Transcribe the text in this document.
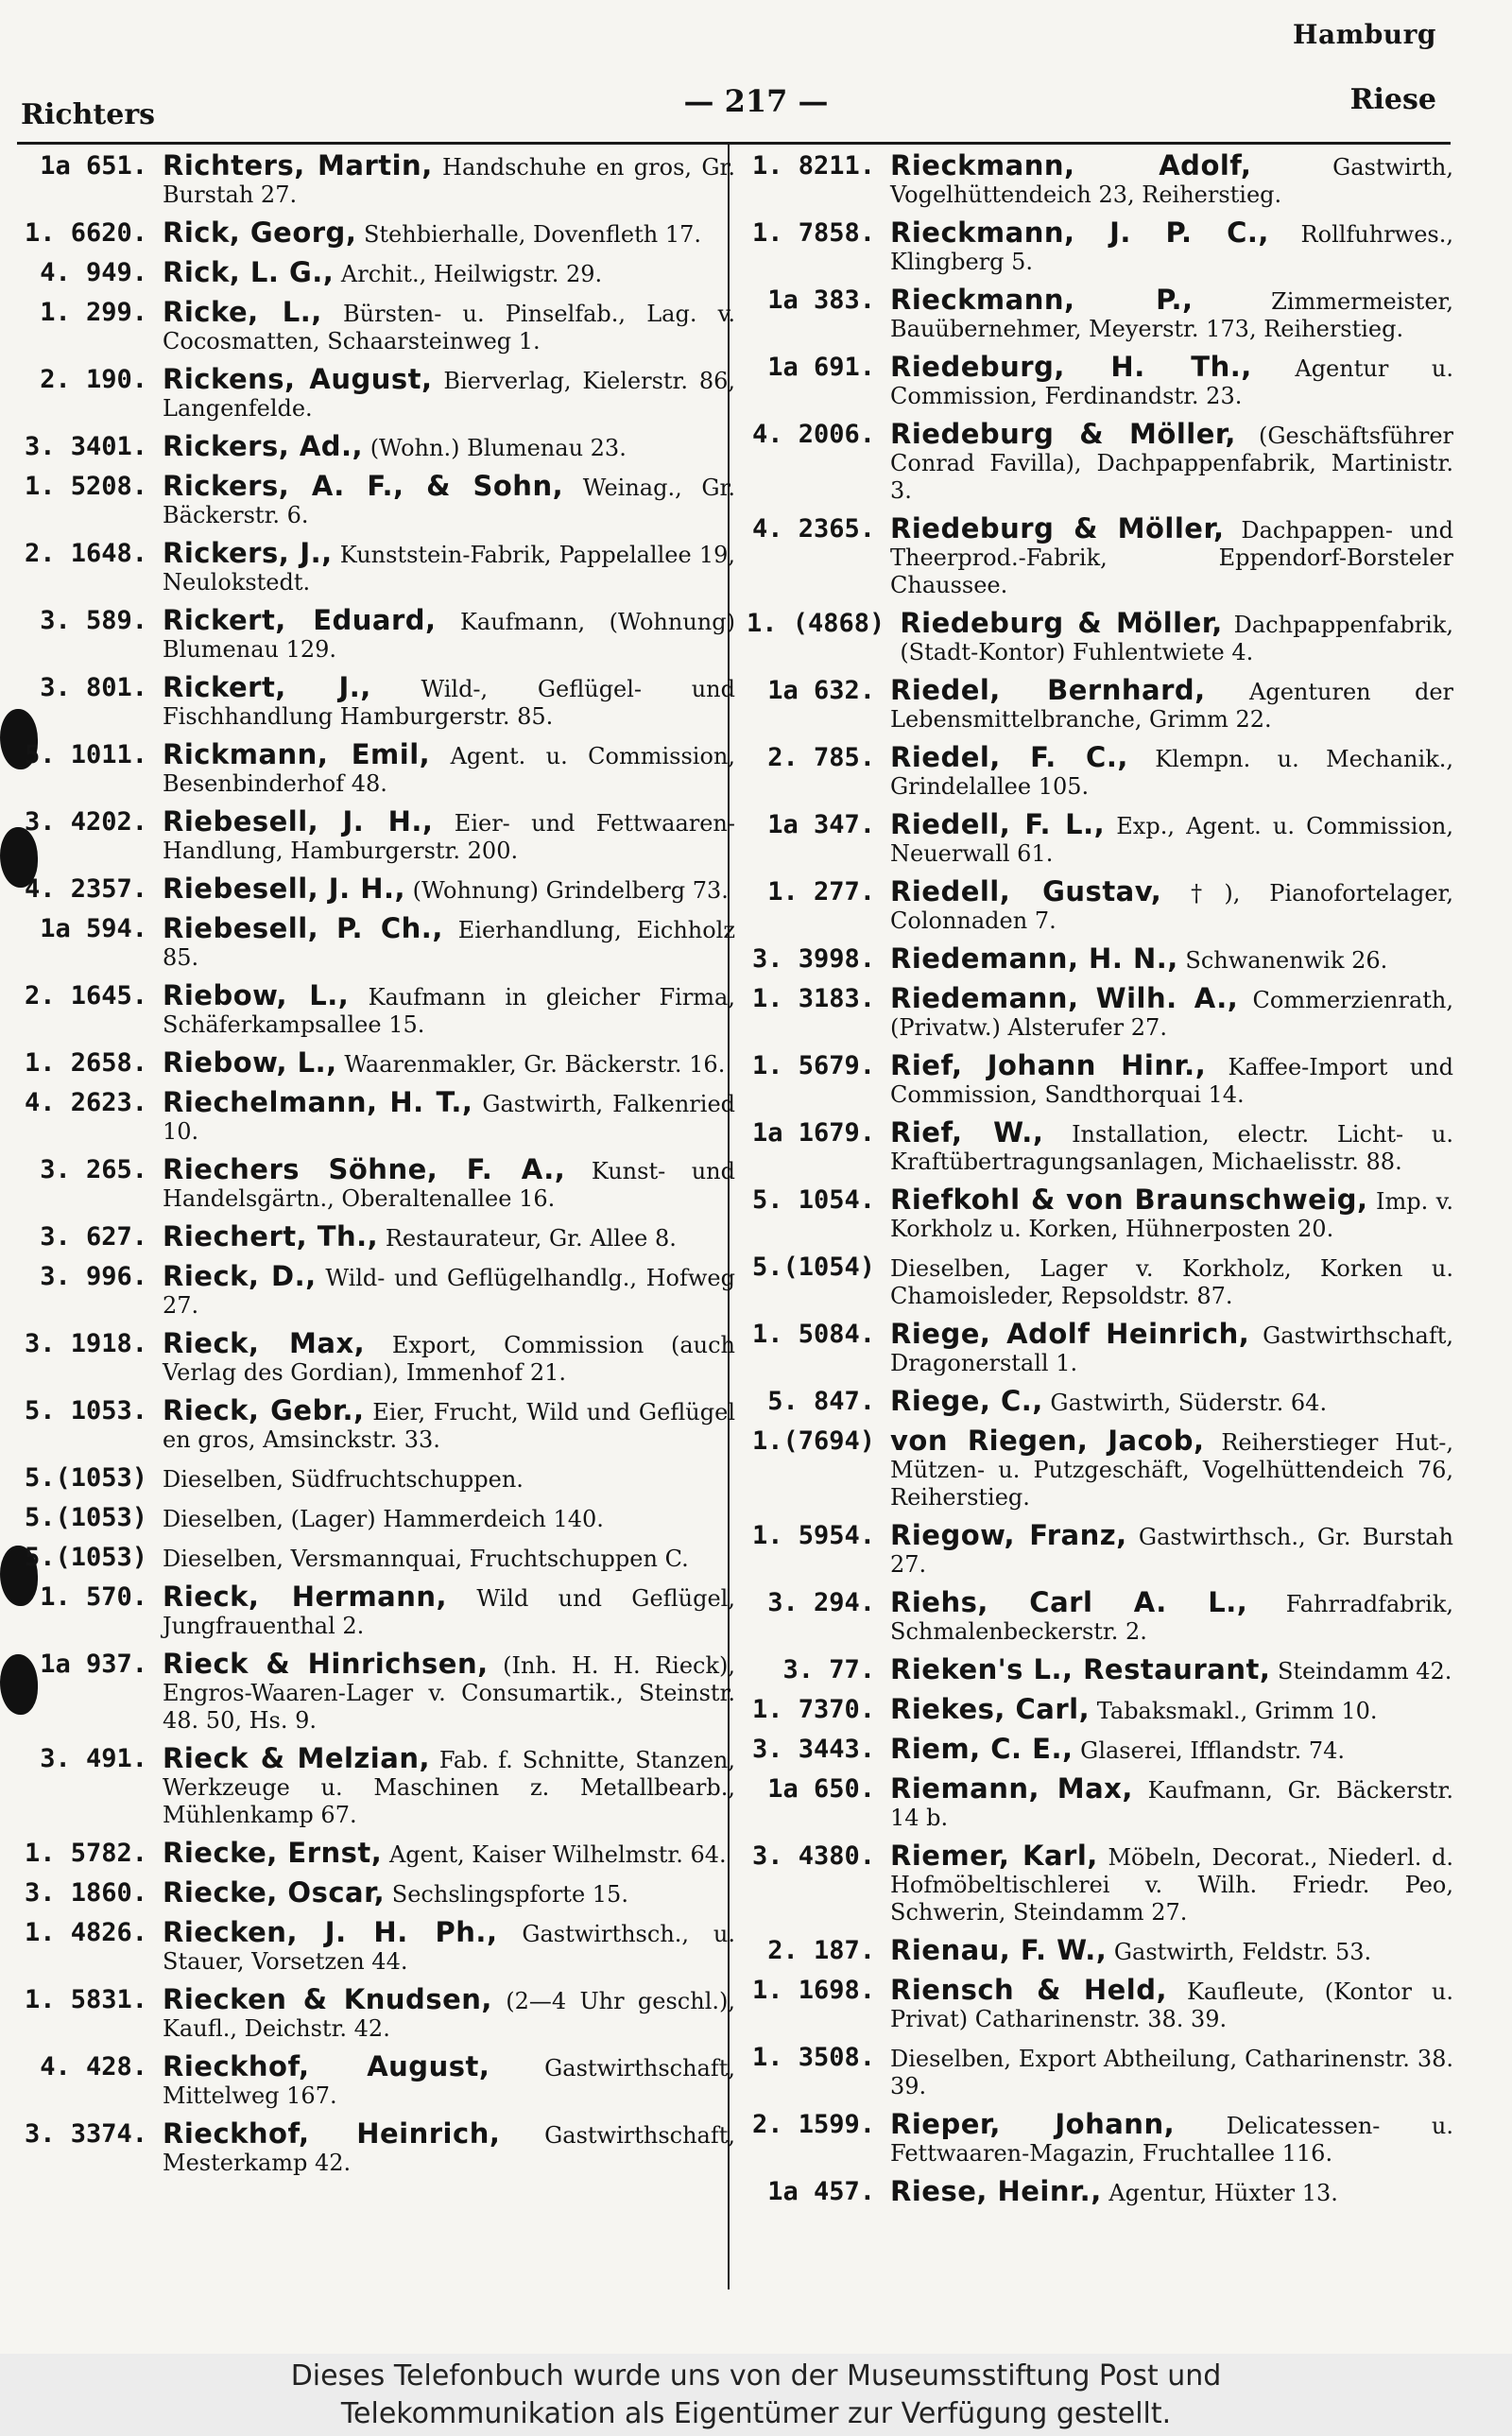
Hamburg
Richters	— 217 —	Riese
1a 651. Richters, Martin, Handschuhe en gros, Gr. Burstah 27.
1. 6620. Rick, Georg, Stehbierhalle, Dovenfleth 17.
4. 949. Rick, L. G., Archit., Heilwigstr. 29.
1. 299. Ricke, L., Bürsten- u. Pinselfab., Lag. v. Cocosmatten, Schaarsteinweg 1.
2. 190. Rickens, August, Bierverlag, Kielerstr. 86, Langenfelde.
3. 3401. Rickers, Ad., (Wohn.) Blumenau 23.
1. 5208. Rickers, A. F., & Sohn, Weinag., Gr. Bäckerstr. 6.
2. 1648. Rickers, J., Kunststein-Fabrik, Pappelallee 19, Neulokstedt.
3. 589. Rickert, Eduard, Kaufmann, (Wohnung) Blumenau 129.
3. 801. Rickert, J., Wild-, Geflügel- und Fischhandlung Hamburgerstr. 85.
5. 1011. Rickmann, Emil, Agent. u. Commission, Besenbinderhof 48.
3. 4202. Riebesell, J. H., Eier- und Fettwaaren-Handlung, Hamburgerstr. 200.
4. 2357. Riebesell, J. H., (Wohnung) Grindelberg 73.
1a 594. Riebesell, P. Ch., Eierhandlung, Eichholz 85.
2. 1645. Riebow, L., Kaufmann in gleicher Firma, Schäferkampsallee 15.
1. 2658. Riebow, L., Waarenmakler, Gr. Bäckerstr. 16.
4. 2623. Riechelmann, H. T., Gastwirth, Falkenried 10.
3. 265. Riechers Söhne, F. A., Kunst- und Handelsgärtn., Oberaltenallee 16.
3. 627. Riechert, Th., Restaurateur, Gr. Allee 8.
3. 996. Rieck, D., Wild- und Geflügelhandlg., Hofweg 27.
3. 1918. Rieck, Max, Export, Commission (auch Verlag des Gordian), Immenhof 21.
5. 1053. Rieck, Gebr., Eier, Frucht, Wild und Geflügel en gros, Amsinckstr. 33.
5.(1053) Dieselben, Südfruchtschuppen.
5.(1053) Dieselben, (Lager) Hammerdeich 140.
5.(1053) Dieselben, Versmannquai, Fruchtschuppen C.
1. 570. Rieck, Hermann, Wild und Geflügel, Jungfrauenthal 2.
1a 937. Rieck & Hinrichsen, (Inh. H. H. Rieck), Engros-Waaren-Lager v. Consumartik., Steinstr. 48. 50, Hs. 9.
3. 491. Rieck & Melzian, Fab. f. Schnitte, Stanzen, Werkzeuge u. Maschinen z. Metallbearb., Mühlenkamp 67.
1. 5782. Riecke, Ernst, Agent, Kaiser Wilhelmstr. 64.
3. 1860. Riecke, Oscar, Sechslingspforte 15.
1. 4826. Riecken, J. H. Ph., Gastwirthsch., u. Stauer, Vorsetzen 44.
1. 5831. Riecken & Knudsen, (2—4 Uhr geschl.), Kaufl., Deichstr. 42.
4. 428. Rieckhof, August, Gastwirthschaft, Mittelweg 167.
3. 3374. Rieckhof, Heinrich, Gastwirthschaft, Mesterkamp 42.
1. 8211. Rieckmann, Adolf, Gastwirth, Vogelhüttendeich 23, Reiherstieg.
1. 7858. Rieckmann, J. P. C., Rollfuhrwes., Klingberg 5.
1a 383. Rieckmann, P., Zimmermeister, Bauübernehmer, Meyerstr. 173, Reiherstieg.
1a 691. Riedeburg, H. Th., Agentur u. Commission, Ferdinandstr. 23.
4. 2006. Riedeburg & Möller, (Geschäftsführer Conrad Favilla), Dachpappenfabrik, Martinistr. 3.
4. 2365. Riedeburg & Möller, Dachpappen- und Theerprod.-Fabrik, Eppendorf-Borsteler Chaussee.
1. (4868) Riedeburg & Möller, Dachpappenfabrik, (Stadt-Kontor) Fuhlentwiete 4.
1a 632. Riedel, Bernhard, Agenturen der Lebensmittelbranche, Grimm 22.
2. 785. Riedel, F. C., Klempn. u. Mechanik., Grindelallee 105.
1a 347. Riedell, F. L., Exp., Agent. u. Commission, Neuerwall 61.
1. 277. Riedell, Gustav, †), Pianofortelager, Colonnaden 7.
3. 3998. Riedemann, H. N., Schwanenwik 26.
1. 3183. Riedemann, Wilh. A., Commerzienrath, (Privatw.) Alsterufer 27.
1. 5679. Rief, Johann Hinr., Kaffee-Import und Commission, Sandthorquai 14.
1a 1679. Rief, W., Installation, electr. Licht- u. Kraftübertragungsanlagen, Michaelisstr. 88.
5. 1054. Riefkohl & von Braunschweig, Imp. v. Korkholz u. Korken, Hühnerposten 20.
5.(1054) Dieselben, Lager v. Korkholz, Korken u. Chamoisleder, Repsoldstr. 87.
1. 5084. Riege, Adolf Heinrich, Gastwirthschaft, Dragonerstall 1.
5. 847. Riege, C., Gastwirth, Süderstr. 64.
1.(7694) von Riegen, Jacob, Reiherstieger Hut-, Mützen- u. Putzgeschäft, Vogelhüttendeich 76, Reiherstieg.
1. 5954. Riegow, Franz, Gastwirthsch., Gr. Burstah 27.
3. 294. Riehs, Carl A. L., Fahrradfabrik, Schmalenbeckerstr. 2.
3. 77. Rieken's L., Restaurant, Steindamm 42.
1. 7370. Riekes, Carl, Tabaksmakl., Grimm 10.
3. 3443. Riem, C. E., Glaserei, Ifflandstr. 74.
1a 650. Riemann, Max, Kaufmann, Gr. Bäckerstr. 14 b.
3. 4380. Riemer, Karl, Möbeln, Decorat., Niederl. d. Hofmöbeltischlerei v. Wilh. Friedr. Peo, Schwerin, Steindamm 27.
2. 187. Rienau, F. W., Gastwirth, Feldstr. 53.
1. 1698. Riensch & Held, Kaufleute, (Kontor u. Privat) Catharinenstr. 38. 39.
1. 3508. Dieselben, Export Abtheilung, Catharinenstr. 38. 39.
2. 1599. Rieper, Johann, Delicatessen- u. Fettwaaren-Magazin, Fruchtallee 116.
1a 457. Riese, Heinr., Agentur, Hüxter 13.
Dieses Telefonbuch wurde uns von der Museumsstiftung Post und
Telekommunikation als Eigentümer zur Verfügung gestellt.
